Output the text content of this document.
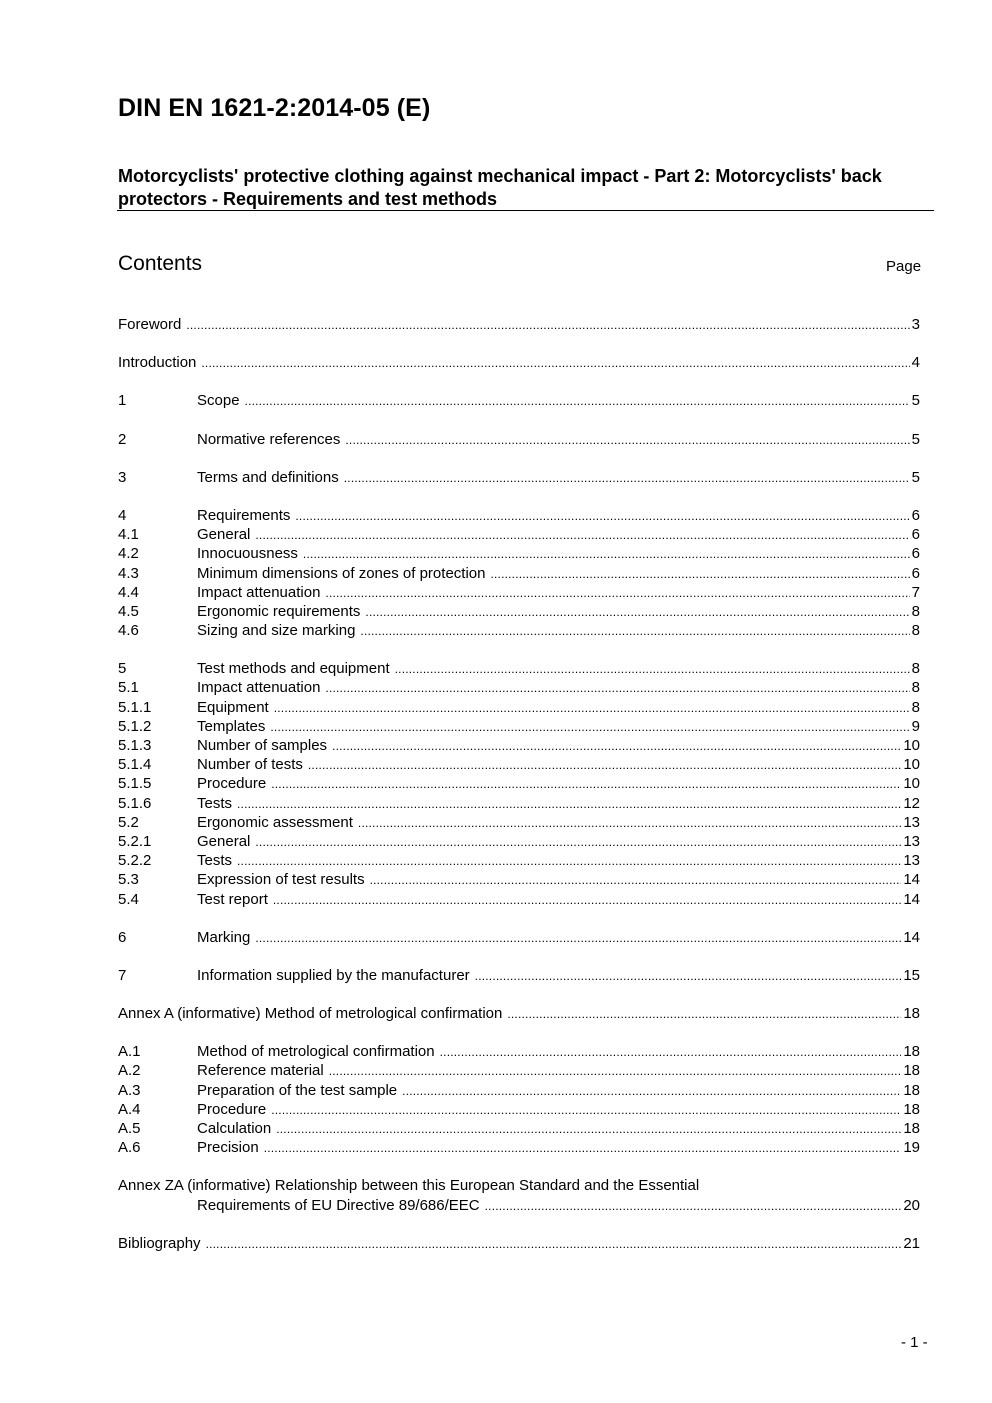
DIN EN 1621-2:2014-05 (E)
Motorcyclists' protective clothing against mechanical impact - Part 2: Motorcyclists' back protectors - Requirements and test methods
Contents	Page
Foreword .....	3
Introduction .....	4
1	Scope .....	5
2	Normative references .....	5
3	Terms and definitions .....	5
4	Requirements .....	6
4.1	General .....	6
4.2	Innocuousness .....	6
4.3	Minimum dimensions of zones of protection .....	6
4.4	Impact attenuation .....	7
4.5	Ergonomic requirements .....	8
4.6	Sizing and size marking .....	8
5	Test methods and equipment .....	8
5.1	Impact attenuation .....	8
5.1.1	Equipment .....	8
5.1.2	Templates .....	9
5.1.3	Number of samples .....	10
5.1.4	Number of tests .....	10
5.1.5	Procedure .....	10
5.1.6	Tests .....	12
5.2	Ergonomic assessment .....	13
5.2.1	General .....	13
5.2.2	Tests .....	13
5.3	Expression of test results .....	14
5.4	Test report .....	14
6	Marking .....	14
7	Information supplied by the manufacturer .....	15
Annex A (informative) Method of metrological confirmation .....	18
A.1	Method of metrological confirmation .....	18
A.2	Reference material .....	18
A.3	Preparation of the test sample .....	18
A.4	Procedure .....	18
A.5	Calculation .....	18
A.6	Precision .....	19
Annex ZA (informative) Relationship between this European Standard and the Essential
Requirements of EU Directive 89/686/EEC .....	20
Bibliography .....	21
- 1 -
